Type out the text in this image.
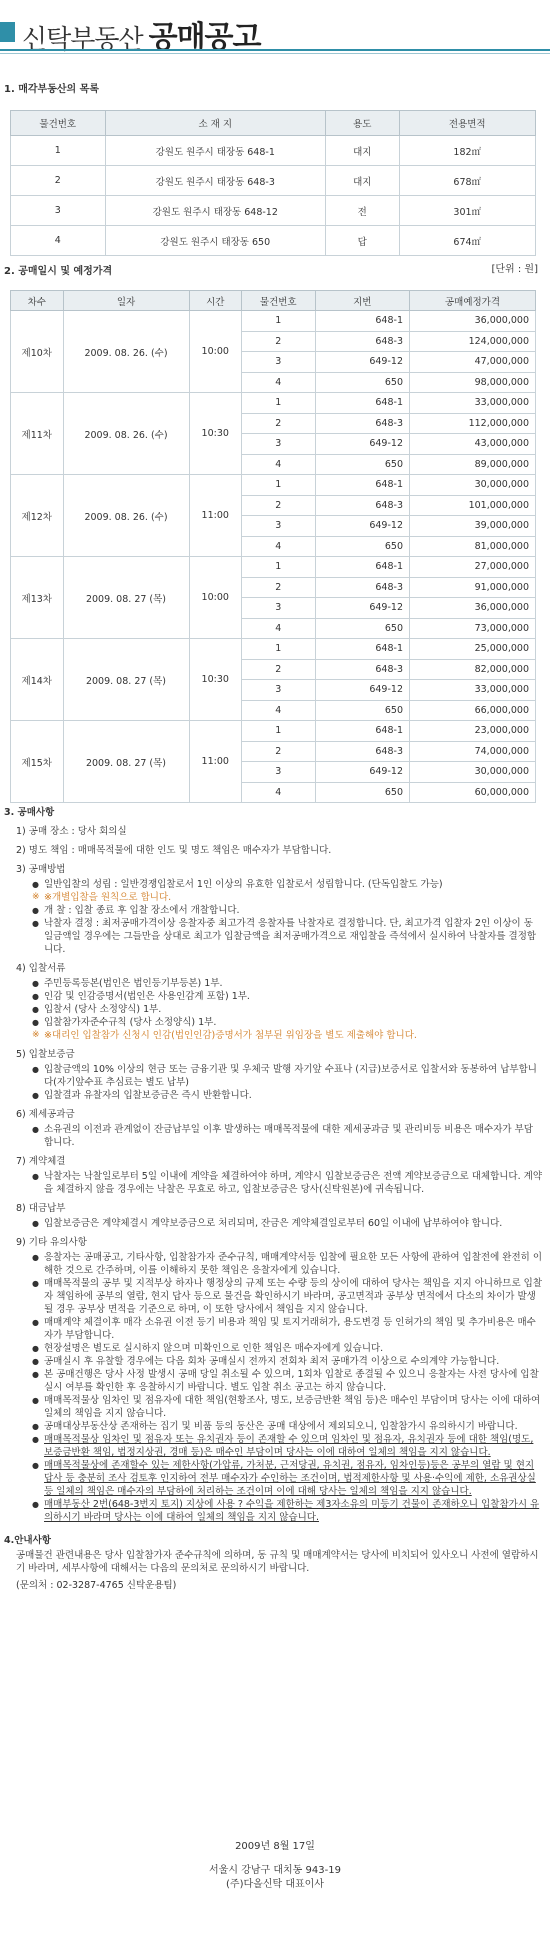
신탁부동산 공매공고
1. 매각부동산의 목록
물건번호	소 재 지	용도	전용면적
1	강원도 원주시 태장동 648-1	대지	182㎡
2	강원도 원주시 태장동 648-3	대지	678㎡
3	강원도 원주시 태장동 648-12	전	301㎡
4	강원도 원주시 태장동 650	답	674㎡
2. 공매일시 및 예정가격	[단위 : 원]
차수	일자	시간	물건번호	지번	공매예정가격
제10차	2009. 08. 26. (수)	10:00	1	648-1	36,000,000
			2	648-3	124,000,000
			3	649-12	47,000,000
			4	650	98,000,000
제11차	2009. 08. 26. (수)	10:30	1	648-1	33,000,000
			2	648-3	112,000,000
			3	649-12	43,000,000
			4	650	89,000,000
제12차	2009. 08. 26. (수)	11:00	1	648-1	30,000,000
			2	648-3	101,000,000
			3	649-12	39,000,000
			4	650	81,000,000
제13차	2009. 08. 27 (목)	10:00	1	648-1	27,000,000
			2	648-3	91,000,000
			3	649-12	36,000,000
			4	650	73,000,000
제14차	2009. 08. 27 (목)	10:30	1	648-1	25,000,000
			2	648-3	82,000,000
			3	649-12	33,000,000
			4	650	66,000,000
제15차	2009. 08. 27 (목)	11:00	1	648-1	23,000,000
			2	648-3	74,000,000
			3	649-12	30,000,000
			4	650	60,000,000
3. 공매사항
1) 공매 장소 : 당사 회의실
2) 명도 책임 : 매매목적물에 대한 인도 및 명도 책임은 매수자가 부담합니다.
3) 공매방법
● 일반입찰의 성립 : 일반경쟁입찰로서 1인 이상의 유효한 입찰로서 성립합니다. (단독입찰도 가능)
※ ※개별입찰을 원칙으로 합니다.
● 개 찰 : 입찰 종료 후 입찰 장소에서 개찰합니다.
● 낙찰자 결정 : 최저공매가격이상 응찰자중 최고가격 응찰자를 낙찰자로 결정합니다. 단, 최고가격 입찰자 2인 이상이 동일금액일 경우에는 그들만을 상대로 최고가 입찰금액을 최저공매가격으로 재입찰을 즉석에서 실시하여 낙찰자를 결정합니다.
4) 입찰서류
● 주민등록등본(법인은 법인등기부등본) 1부.
● 인감 및 인감증명서(법인은 사용인감계 포함) 1부.
● 입찰서 (당사 소정양식) 1부.
● 입찰참가자준수규칙 (당사 소정양식) 1부.
※ ※대리인 입찰참가 신청시 인감(법인인감)증명서가 첨부된 위임장을 별도 제출해야 합니다.
5) 입찰보증금
● 입찰금액의 10% 이상의 현금 또는 금융기관 및 우체국 발행 자기앞 수표나 (지급)보증서로 입찰서와 동봉하여 납부합니다(자기앞수표 추심료는 별도 납부)
● 입찰결과 유찰자의 입찰보증금은 즉시 반환합니다.
6) 제세공과금
● 소유권의 이전과 관계없이 잔금납부일 이후 발생하는 매매목적물에 대한 제세공과금 및 관리비등 비용은 매수자가 부담합니다.
7) 계약체결
● 낙찰자는 낙찰일로부터 5일 이내에 계약을 체결하여야 하며, 계약시 입찰보증금은 전액 계약보증금으로 대체합니다. 계약을 체결하지 않을 경우에는 낙찰은 무효로 하고, 입찰보증금은 당사(신탁원본)에 귀속됩니다.
8) 대금납부
● 입찰보증금은 계약체결시 계약보증금으로 처리되며, 잔금은 계약체결일로부터 60일 이내에 납부하여야 합니다.
9) 기타 유의사항
● 응찰자는 공매공고, 기타사항, 입찰참가자 준수규칙, 매매계약서등 입찰에 필요한 모든 사항에 관하여 입찰전에 완전히 이해한 것으로 간주하며, 이를 이해하지 못한 책임은 응찰자에게 있습니다.
● 매매목적물의 공부 및 지적부상 하자나 행정상의 규제 또는 수량 등의 상이에 대하여 당사는 책임을 지지 아니하므로 입찰자 책임하에 공부의 열람, 현지 답사 등으로 물건을 확인하시기 바라며, 공고면적과 공부상 면적에서 다소의 차이가 발생될 경우 공부상 면적을 기준으로 하며, 이 또한 당사에서 책임을 지지 않습니다.
● 매매계약 체결이후 매각 소유권 이전 등기 비용과 책임 및 토지거래허가, 용도변경 등 인허가의 책임 및 추가비용은 매수자가 부담합니다.
● 현장설명은 별도로 실시하지 않으며 미확인으로 인한 책임은 매수자에게 있습니다.
● 공매실시 후 유찰할 경우에는 다음 회차 공매실시 전까지 전회차 최저 공매가격 이상으로 수의계약 가능합니다.
● 본 공매건행은 당사 사정 발생시 공매 당일 취소될 수 있으며, 1회차 입찰로 종결될 수 있으니 응찰자는 사전 당사에 입찰 실시 여부를 확인한 후 응찰하시기 바랍니다. 별도 입찰 취소 공고는 하지 않습니다.
● 매매목적물상 임차인 및 점유자에 대한 책임(현황조사, 명도, 보증금반환 책임 등)은 매수인 부담이며 당사는 이에 대하여 일체의 책임을 지지 않습니다.
● 공매대상부동산상 존재하는 집기 및 비품 등의 동산은 공매 대상에서 제외되오니, 입찰참가시 유의하시기 바랍니다.
● 매매목적물상 임차인 및 점유자 또는 유치권자 등이 존재할 수 있으며 임차인 및 점유자, 유치권자 등에 대한 책임(명도, 보증금반환 책임, 법정지상권, 경매 등)은 매수인 부담이며 당사는 이에 대하여 일체의 책임을 지지 않습니다.
● 매매목적물상에 존재할수 있는 제한사항(가압류, 가처분, 근저당권, 유치권, 점유자, 임차인등)등은 공부의 열람 및 현지답사 등 충분히 조사 검토후 인지하여 전부 매수자가 수인하는 조건이며, 법적제한사항 및 사용·수익에 제한, 소유권상실 등 일체의 책임은 매수자의 부담하에 처리하는 조건이며 이에 대해 당사는 일체의 책임을 지지 않습니다.
● 매매부동산 2번(648-3번지 토지) 지상에 사용 ? 수익을 제한하는 제3자소유의 미등기 건물이 존재하오니 입찰참가시 유의하시기 바라며 당사는 이에 대하여 일체의 책임을 지지 않습니다.
4.안내사항

공매물건 관련내용은 당사 입찰참가자 준수규칙에 의하며, 동 규칙 및 매매계약서는 당사에 비치되어 있사오니 사전에 열람하시기 바라며, 세부사항에 대해서는 다음의 문의처로 문의하시기 바랍니다.

(문의처 : 02-3287-4765 신탁운용팀)

2009년 8월 17일
서울시 강남구 대치동 943-19
(주)다올신탁 대표이사
